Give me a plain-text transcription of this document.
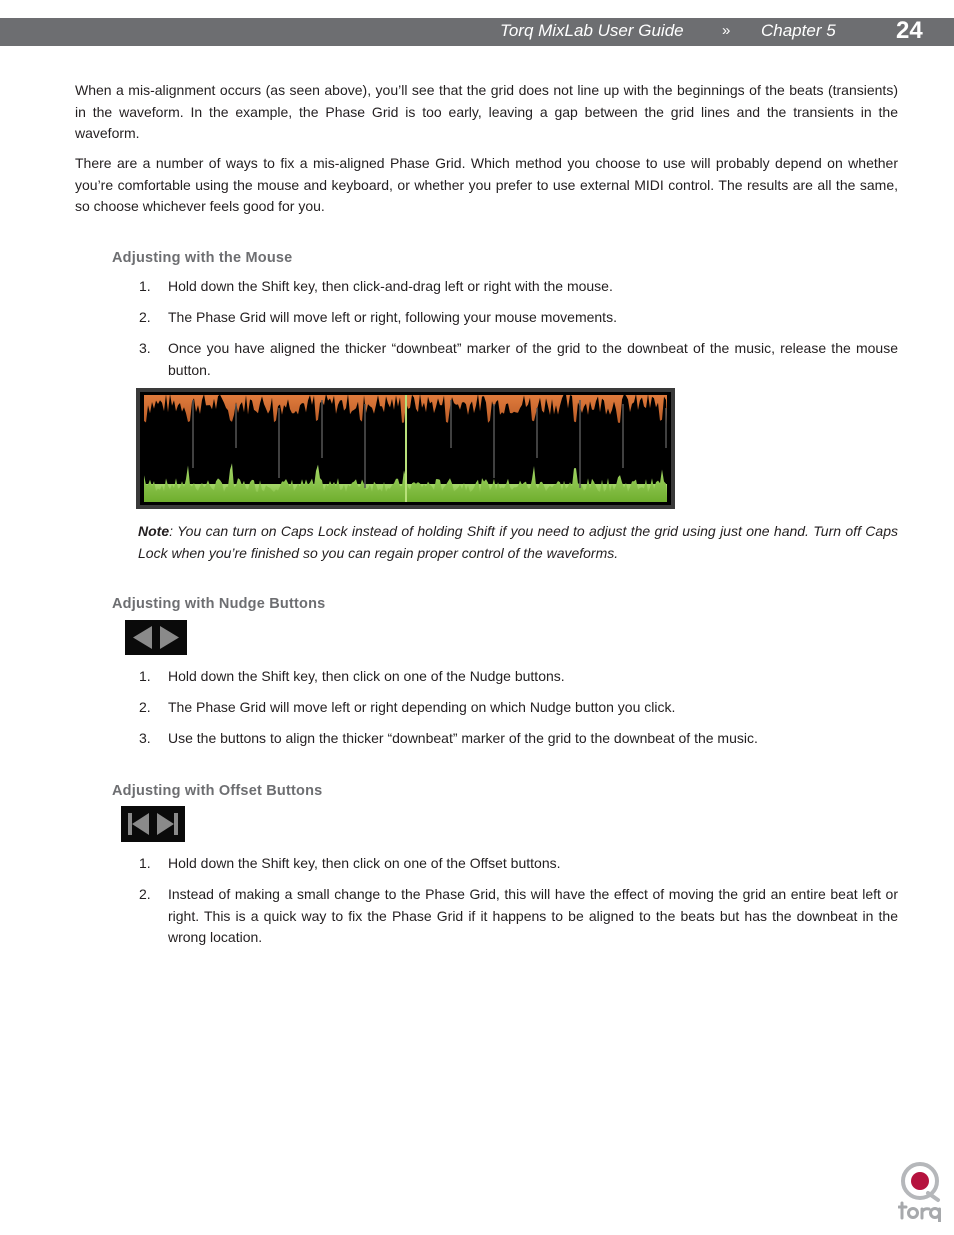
Torq MixLab User Guide	» Chapter 5	24

When a mis-alignment occurs (as seen above), you’ll see that the grid does not line up with the beginnings of the beats (transients) in the waveform. In the example, the Phase Grid is too early, leaving a gap between the grid lines and the transients in the waveform.

There are a number of ways to fix a mis-aligned Phase Grid. Which method you choose to use will probably depend on whether you’re comfortable using the mouse and keyboard, or whether you prefer to use external MIDI control. The results are all the same, so choose whichever feels good for you.

Adjusting with the Mouse
1. Hold down the Shift key, then click-and-drag left or right with the mouse.

2. The Phase Grid will move left or right, following your mouse movements.

3. Once you have aligned the thicker “downbeat” marker of the grid to the downbeat of the music, release the mouse button.

Note: You can turn on Caps Lock instead of holding Shift if you need to adjust the grid using just one hand. Turn off Caps Lock when you’re finished so you can regain proper control of the waveforms.

Adjusting with Nudge Buttons
1. Hold down the Shift key, then click on one of the Nudge buttons.

2. The Phase Grid will move left or right depending on which Nudge button you click.

3. Use the buttons to align the thicker “downbeat” marker of the grid to the downbeat of the music.

Adjusting with Offset Buttons
1. Hold down the Shift key, then click on one of the Offset buttons.

2. Instead of making a small change to the Phase Grid, this will have the effect of moving the grid an entire beat left or right. This is a quick way to fix the Phase Grid if it happens to be aligned to the beats but has the downbeat in the wrong location.
